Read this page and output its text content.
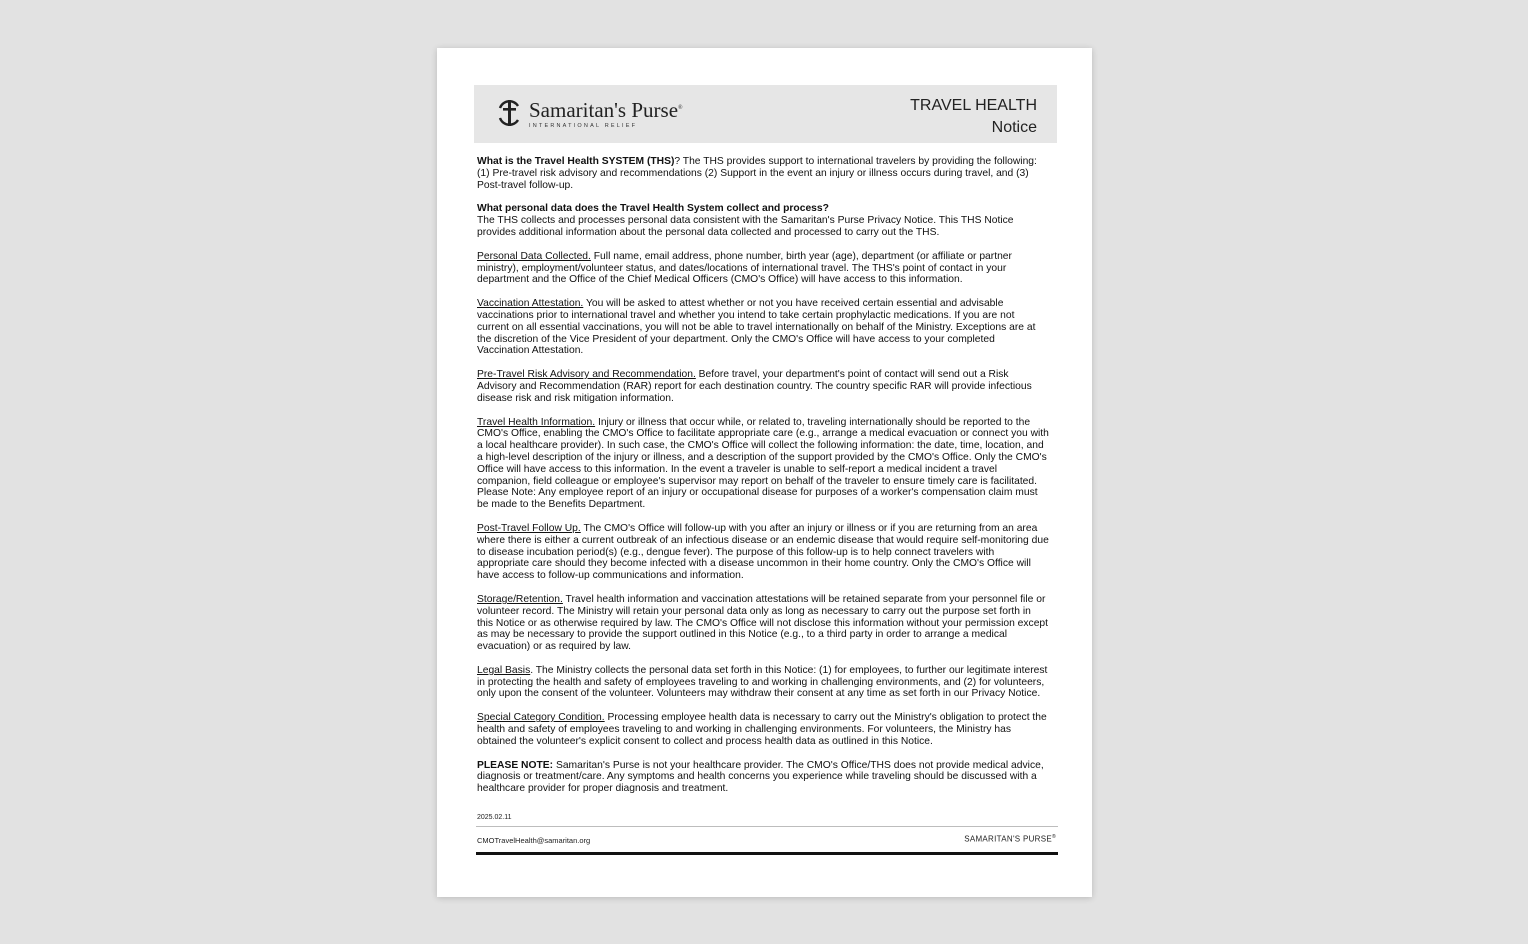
Samaritan's Purse®
INTERNATIONAL RELIEF
TRAVEL HEALTH
Notice

What is the Travel Health SYSTEM (THS)? The THS provides support to international travelers by providing the following: (1) Pre-travel risk advisory and recommendations (2) Support in the event an injury or illness occurs during travel, and (3) Post-travel follow-up.

What personal data does the Travel Health System collect and process?
The THS collects and processes personal data consistent with the Samaritan's Purse Privacy Notice. This THS Notice provides additional information about the personal data collected and processed to carry out the THS.

Personal Data Collected. Full name, email address, phone number, birth year (age), department (or affiliate or partner ministry), employment/volunteer status, and dates/locations of international travel. The THS's point of contact in your department and the Office of the Chief Medical Officers (CMO's Office) will have access to this information.

Vaccination Attestation. You will be asked to attest whether or not you have received certain essential and advisable vaccinations prior to international travel and whether you intend to take certain prophylactic medications. If you are not current on all essential vaccinations, you will not be able to travel internationally on behalf of the Ministry. Exceptions are at the discretion of the Vice President of your department. Only the CMO's Office will have access to your completed Vaccination Attestation.

Pre-Travel Risk Advisory and Recommendation. Before travel, your department's point of contact will send out a Risk Advisory and Recommendation (RAR) report for each destination country. The country specific RAR will provide infectious disease risk and risk mitigation information.

Travel Health Information. Injury or illness that occur while, or related to, traveling internationally should be reported to the CMO's Office, enabling the CMO's Office to facilitate appropriate care (e.g., arrange a medical evacuation or connect you with a local healthcare provider). In such case, the CMO's Office will collect the following information: the date, time, location, and a high-level description of the injury or illness, and a description of the support provided by the CMO's Office. Only the CMO's Office will have access to this information. In the event a traveler is unable to self-report a medical incident a travel companion, field colleague or employee's supervisor may report on behalf of the traveler to ensure timely care is facilitated. Please Note: Any employee report of an injury or occupational disease for purposes of a worker's compensation claim must be made to the Benefits Department.

Post-Travel Follow Up. The CMO's Office will follow-up with you after an injury or illness or if you are returning from an area where there is either a current outbreak of an infectious disease or an endemic disease that would require self-monitoring due to disease incubation period(s) (e.g., dengue fever). The purpose of this follow-up is to help connect travelers with appropriate care should they become infected with a disease uncommon in their home country. Only the CMO's Office will have access to follow-up communications and information.

Storage/Retention. Travel health information and vaccination attestations will be retained separate from your personnel file or volunteer record. The Ministry will retain your personal data only as long as necessary to carry out the purpose set forth in this Notice or as otherwise required by law. The CMO's Office will not disclose this information without your permission except as may be necessary to provide the support outlined in this Notice (e.g., to a third party in order to arrange a medical evacuation) or as required by law.

Legal Basis. The Ministry collects the personal data set forth in this Notice: (1) for employees, to further our legitimate interest in protecting the health and safety of employees traveling to and working in challenging environments, and (2) for volunteers, only upon the consent of the volunteer. Volunteers may withdraw their consent at any time as set forth in our Privacy Notice.

Special Category Condition. Processing employee health data is necessary to carry out the Ministry's obligation to protect the health and safety of employees traveling to and working in challenging environments. For volunteers, the Ministry has obtained the volunteer's explicit consent to collect and process health data as outlined in this Notice.

PLEASE NOTE: Samaritan's Purse is not your healthcare provider. The CMO's Office/THS does not provide medical advice, diagnosis or treatment/care. Any symptoms and health concerns you experience while traveling should be discussed with a healthcare provider for proper diagnosis and treatment.

2025.02.11
CMOTravelHealth@samaritan.org	SAMARITAN'S PURSE®
